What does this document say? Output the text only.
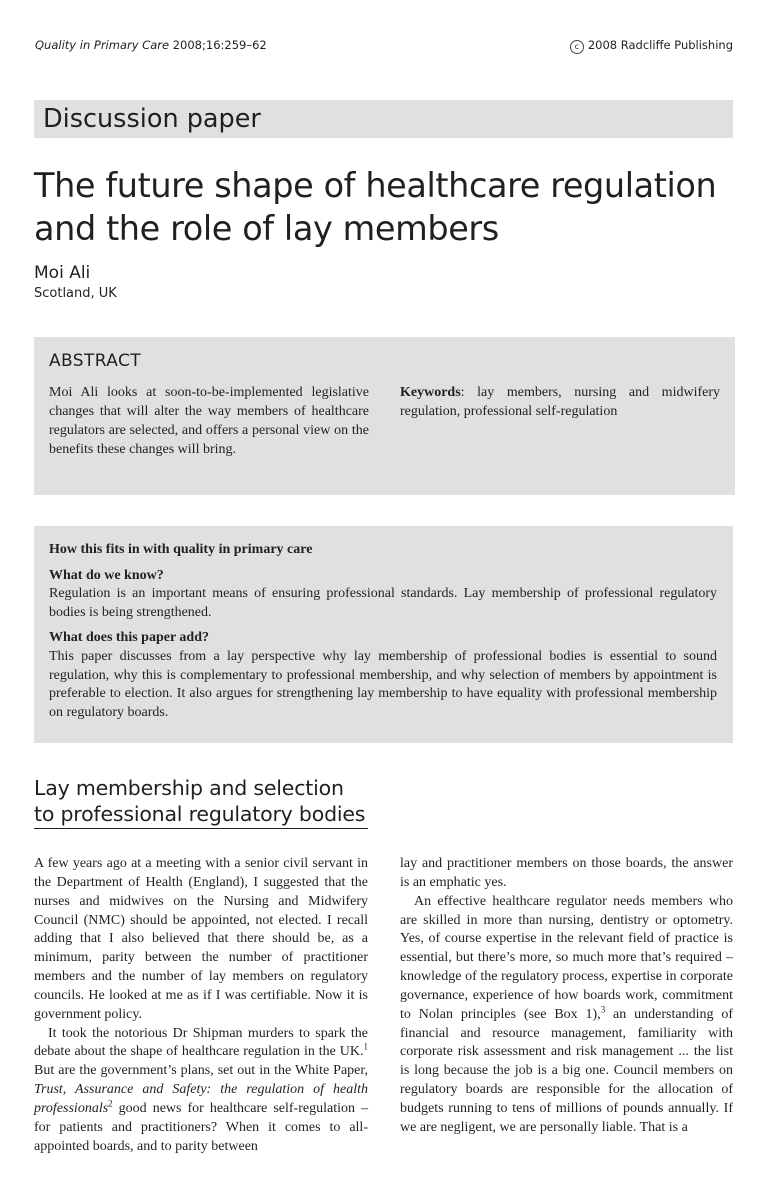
Quality in Primary Care 2008;16:259–62	c 2008 Radcliffe Publishing
Discussion paper
The future shape of healthcare regulation and the role of lay members
Moi Ali
Scotland, UK
ABSTRACT

Moi Ali looks at soon-to-be-implemented legislative changes that will alter the way members of healthcare regulators are selected, and offers a personal view on the benefits these changes will bring.

Keywords: lay members, nursing and midwifery regulation, professional self-regulation

How this fits in with quality in primary care

What do we know?

Regulation is an important means of ensuring professional standards. Lay membership of professional regulatory bodies is being strengthened.

What does this paper add?

This paper discusses from a lay perspective why lay membership of professional bodies is essential to sound regulation, why this is complementary to professional membership, and why selection of members by appointment is preferable to election. It also argues for strengthening lay membership to have equality with professional membership on regulatory boards.

Lay membership and selection to professional regulatory bodies

A few years ago at a meeting with a senior civil servant in the Department of Health (England), I suggested that the nurses and midwives on the Nursing and Midwifery Council (NMC) should be appointed, not elected. I recall adding that I also believed that there should be, as a minimum, parity between the number of practitioner members and the number of lay members on regulatory councils. He looked at me as if I was certifiable. Now it is government policy.

It took the notorious Dr Shipman murders to spark the debate about the shape of healthcare regulation in the UK.$^1$ But are the government’s plans, set out in the White Paper, Trust, Assurance and Safety: the regulation of health professionals$^2$ good news for healthcare self-regulation – for patients and practitioners? When it comes to all-appointed boards, and to parity between

lay and practitioner members on those boards, the answer is an emphatic yes.

An effective healthcare regulator needs members who are skilled in more than nursing, dentistry or optometry. Yes, of course expertise in the relevant field of practice is essential, but there’s more, so much more that’s required – knowledge of the regulatory process, expertise in corporate governance, experience of how boards work, commitment to Nolan principles (see Box 1),$^3$ an understanding of financial and resource management, familiarity with corporate risk assessment and risk management ... the list is long because the job is a big one. Council members on regulatory boards are responsible for the allocation of budgets running to tens of millions of pounds annually. If we are negligent, we are personally liable. That is a
